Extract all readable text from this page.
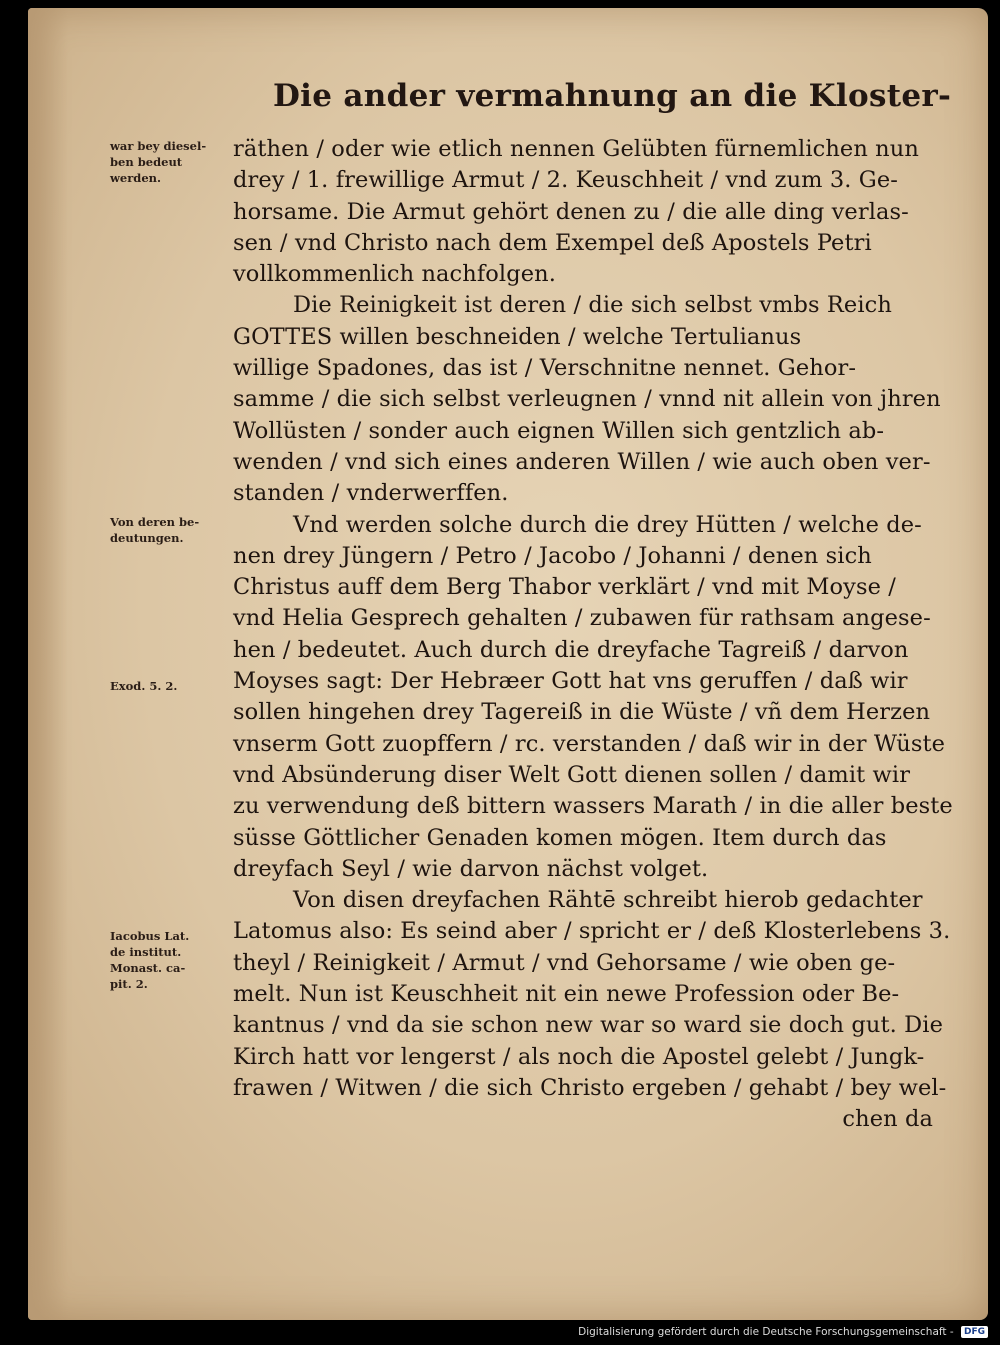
Die ander vermahnung an die Kloster-
war bey diesel-
ben bedeut
werden.
Von deren be-
deutungen.
Exod. 5. 2.
Iacobus Lat.
de institut.
Monast. ca-
pit. 2.
räthen / oder wie etlich nennen Gelübten fürnemlichen nun
drey / 1. frewillige Armut / 2. Keuschheit / vnd zum 3. Ge-
horsame. Die Armut gehört denen zu / die alle ding verlas-
sen / vnd Christo nach dem Exempel deß Apostels Petri
vollkommenlich nachfolgen.
Die Reinigkeit ist deren / die sich selbst vmbs Reich
GOTTES willen beschneiden / welche Tertulianus
willige Spadones, das ist / Verschnitne nennet. Gehor-
samme / die sich selbst verleugnen / vnnd nit allein von jhren
Wollüsten / sonder auch eignen Willen sich gentzlich ab-
wenden / vnd sich eines anderen Willen / wie auch oben ver-
standen / vnderwerffen.
Vnd werden solche durch die drey Hütten / welche de-
nen drey Jüngern / Petro / Jacobo / Johanni / denen sich
Christus auff dem Berg Thabor verklärt / vnd mit Moyse /
vnd Helia Gesprech gehalten / zubawen für rathsam angese-
hen / bedeutet. Auch durch die dreyfache Tagreiß / darvon
Moyses sagt: Der Hebræer Gott hat vns geruffen / daß wir
sollen hingehen drey Tagereiß in die Wüste / vñ dem Herzen
vnserm Gott zuopffern / rc. verstanden / daß wir in der Wüste
vnd Absünderung diser Welt Gott dienen sollen / damit wir
zu verwendung deß bittern wassers Marath / in die aller beste
süsse Göttlicher Genaden komen mögen. Item durch das
dreyfach Seyl / wie darvon nächst volget.
Von disen dreyfachen Rähtē schreibt hierob gedachter
Latomus also: Es seind aber / spricht er / deß Klosterlebens 3.
theyl / Reinigkeit / Armut / vnd Gehorsame / wie oben ge-
melt. Nun ist Keuschheit nit ein newe Profession oder Be-
kantnus / vnd da sie schon new war so ward sie doch gut. Die
Kirch hatt vor lengerst / als noch die Apostel gelebt / Jungk-
frawen / Witwen / die sich Christo ergeben / gehabt / bey wel-
chen da
Digitalisierung gefördert durch die Deutsche Forschungsgemeinschaft - DFG
